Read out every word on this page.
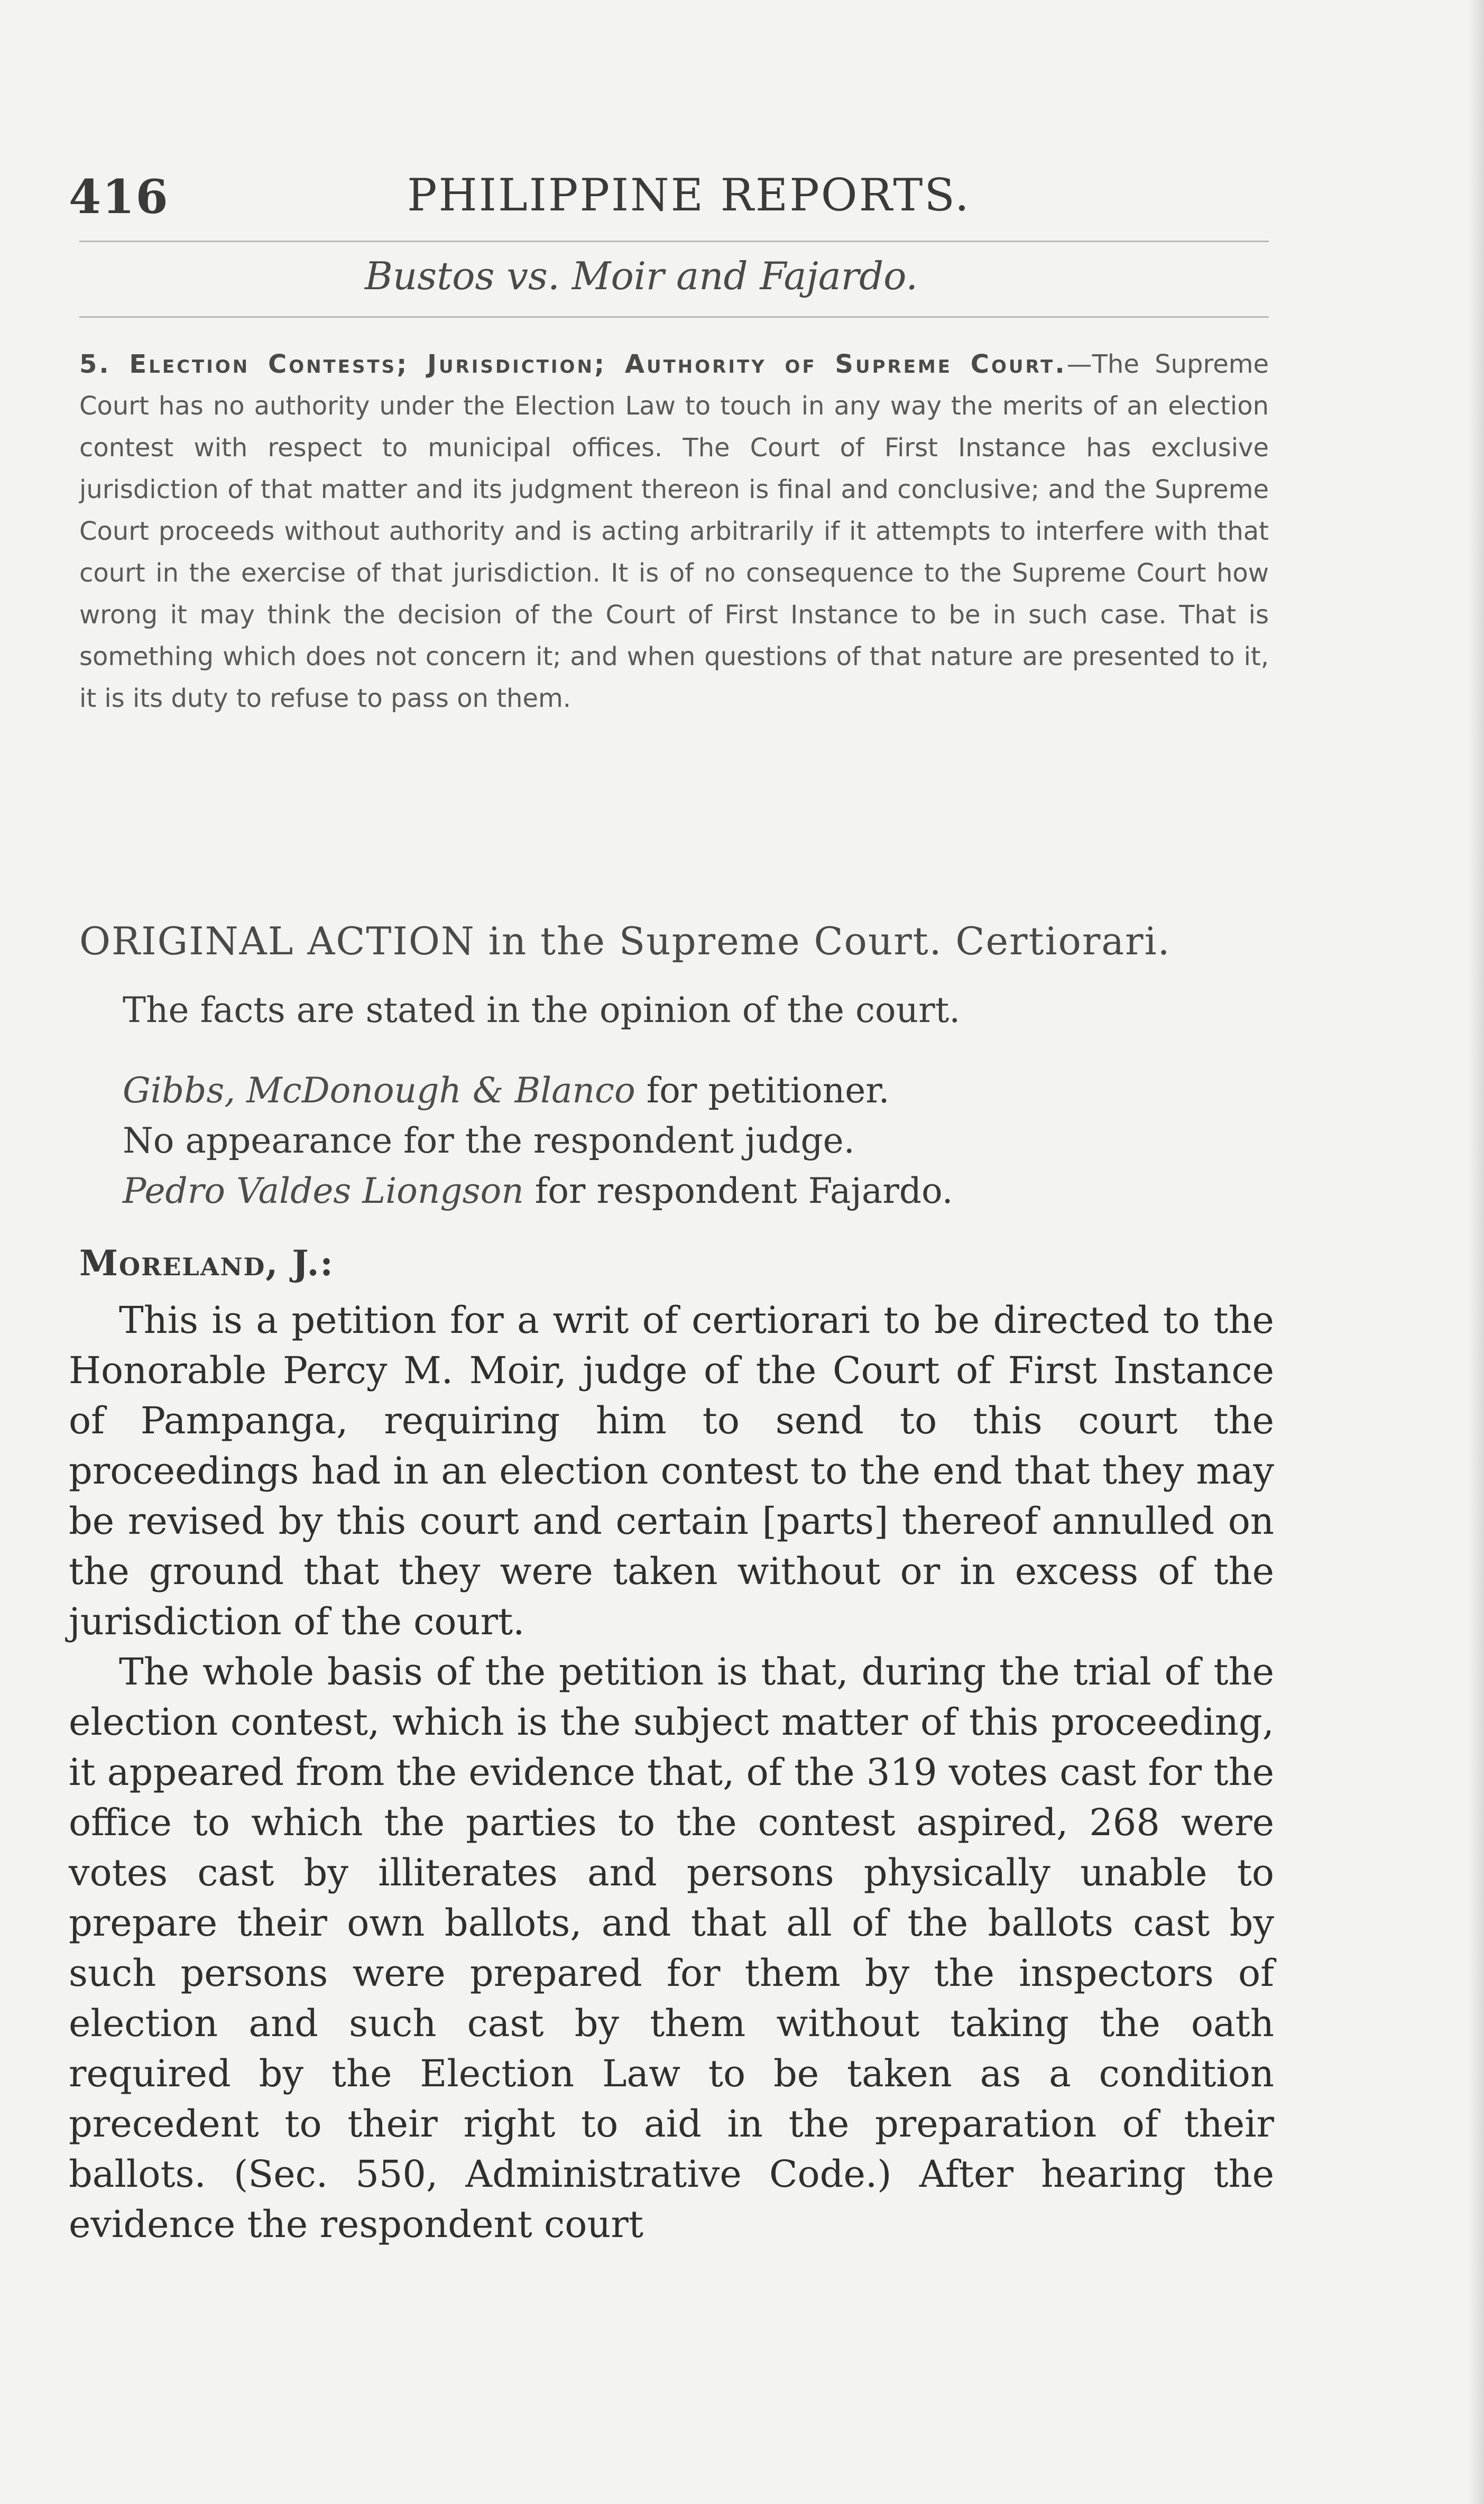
416	PHILIPPINE REPORTS.
Bustos vs. Moir and Fajardo.
5. Election Contests; Jurisdiction; Authority of Supreme Court.—The Supreme Court has no authority under the Election Law to touch in any way the merits of an election contest with respect to municipal offices. The Court of First Instance has exclusive jurisdiction of that matter and its judgment thereon is final and conclusive; and the Supreme Court proceeds without authority and is acting arbitrarily if it attempts to interfere with that court in the exercise of that jurisdiction. It is of no consequence to the Supreme Court how wrong it may think the decision of the Court of First Instance to be in such case. That is something which does not concern it; and when questions of that nature are presented to it, it is its duty to refuse to pass on them.
ORIGINAL ACTION in the Supreme Court. Certiorari.
The facts are stated in the opinion of the court.
Gibbs, McDonough & Blanco for petitioner.
No appearance for the respondent judge.
Pedro Valdes Liongson for respondent Fajardo.
Moreland, J.:

This is a petition for a writ of certiorari to be directed to the Honorable Percy M. Moir, judge of the Court of First Instance of Pampanga, requiring him to send to this court the proceedings had in an election contest to the end that they may be revised by this court and certain [parts] thereof annulled on the ground that they were taken without or in excess of the jurisdiction of the court.

The whole basis of the petition is that, during the trial of the election contest, which is the subject matter of this proceeding, it appeared from the evidence that, of the 319 votes cast for the office to which the parties to the contest aspired, 268 were votes cast by illiterates and persons physically unable to prepare their own ballots, and that all of the ballots cast by such persons were prepared for them by the inspectors of election and such cast by them without taking the oath required by the Election Law to be taken as a condition precedent to their right to aid in the preparation of their ballots. (Sec. 550, Administrative Code.) After hearing the evidence the respondent court
